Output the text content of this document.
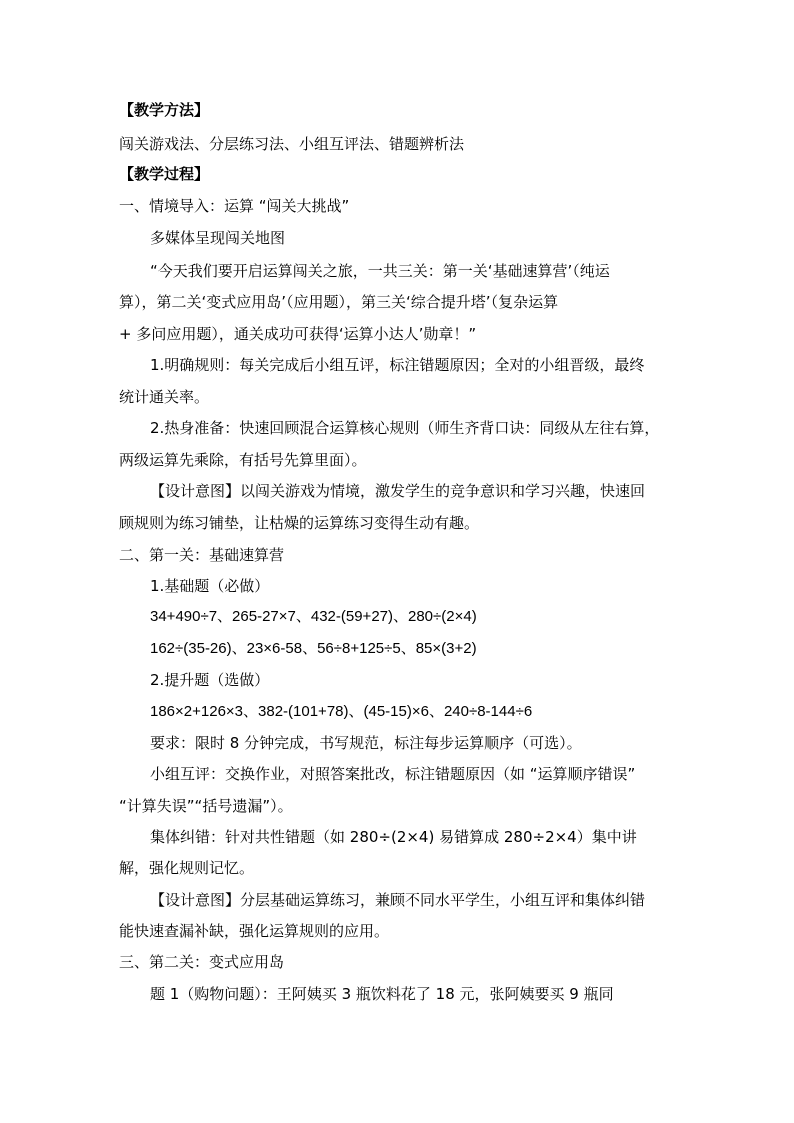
【教学方法】
闯关游戏法、分层练习法、小组互评法、错题辨析法
【教学过程】
一、情境导入：运算 “闯关大挑战”
多媒体呈现闯关地图
“今天我们要开启运算闯关之旅，一共三关：第一关‘基础速算营’（纯运
算），第二关‘变式应用岛’（应用题），第三关‘综合提升塔’（复杂运算
+ 多问应用题），通关成功可获得‘运算小达人’勋章！”
1.明确规则：每关完成后小组互评，标注错题原因；全对的小组晋级，最终
统计通关率。
2.热身准备：快速回顾混合运算核心规则（师生齐背口诀：同级从左往右算，
两级运算先乘除，有括号先算里面）。
【设计意图】以闯关游戏为情境，激发学生的竞争意识和学习兴趣，快速回
顾规则为练习铺垫，让枯燥的运算练习变得生动有趣。
二、第一关：基础速算营
1.基础题（必做）
34+490÷7、265-27×7、432-(59+27)、280÷(2×4)
162÷(35-26)、23×6-58、56÷8+125÷5、85×(3+2)
2.提升题（选做）
186×2+126×3、382-(101+78)、(45-15)×6、240÷8-144÷6
要求：限时 8 分钟完成，书写规范，标注每步运算顺序（可选）。
小组互评：交换作业，对照答案批改，标注错题原因（如 “运算顺序错误”
“计算失误”“括号遗漏”）。
集体纠错：针对共性错题（如 280÷(2×4) 易错算成 280÷2×4）集中讲
解，强化规则记忆。
【设计意图】分层基础运算练习，兼顾不同水平学生，小组互评和集体纠错
能快速查漏补缺，强化运算规则的应用。
三、第二关：变式应用岛
题 1（购物问题）：王阿姨买 3 瓶饮料花了 18 元，张阿姨要买 9 瓶同
